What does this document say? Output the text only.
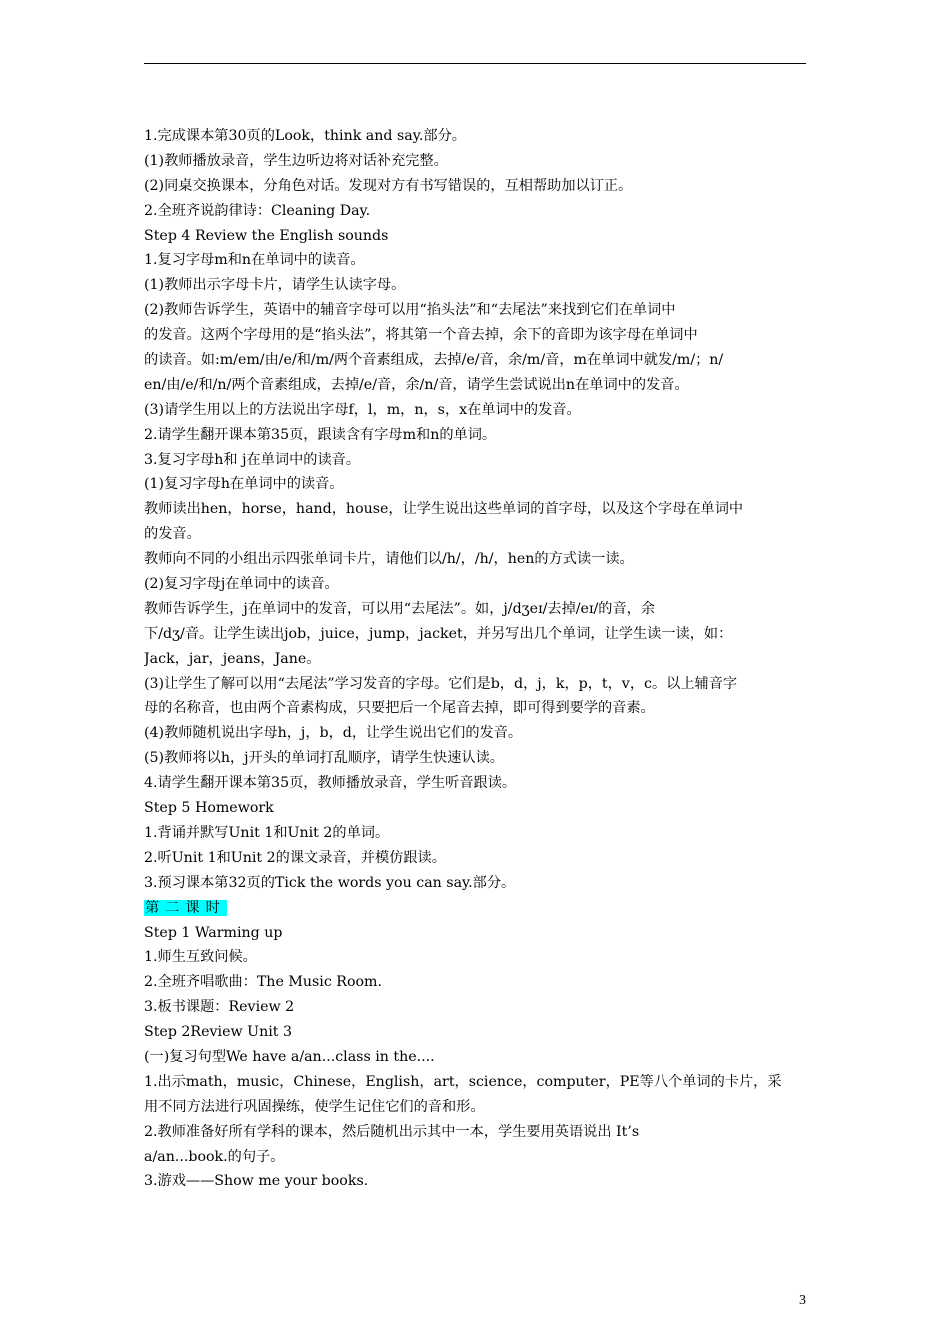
1.完成课本第30页的Look，think and say.部分。
(1)教师播放录音，学生边听边将对话补充完整。
(2)同桌交换课本，分角色对话。发现对方有书写错误的，互相帮助加以订正。
2.全班齐说韵律诗：Cleaning Day.
Step 4 Review the English sounds
1.复习字母m和n在单词中的读音。
(1)教师出示字母卡片，请学生认读字母。
(2)教师告诉学生，英语中的辅音字母可以用“掐头法”和“去尾法”来找到它们在单词中
的发音。这两个字母用的是“掐头法”，将其第一个音去掉，余下的音即为该字母在单词中
的读音。如:m/em/由/e/和/m/两个音素组成，去掉/e/音，余/m/音，m在单词中就发/m/；n/
en/由/e/和/n/两个音素组成，去掉/e/音，余/n/音，请学生尝试说出n在单词中的发音。
(3)请学生用以上的方法说出字母f，l，m，n，s，x在单词中的发音。
2.请学生翻开课本第35页，跟读含有字母m和n的单词。
3.复习字母h和 j在单词中的读音。
(1)复习字母h在单词中的读音。
教师读出hen，horse，hand，house，让学生说出这些单词的首字母，以及这个字母在单词中
的发音。
教师向不同的小组出示四张单词卡片，请他们以/h/，/h/，hen的方式读一读。
(2)复习字母j在单词中的读音。
教师告诉学生，j在单词中的发音，可以用“去尾法”。如，j/dʒeɪ/去掉/eɪ/的音，余
下/dʒ/音。让学生读出job，juice，jump，jacket，并另写出几个单词，让学生读一读，如：
Jack，jar，jeans，Jane。
(3)让学生了解可以用“去尾法”学习发音的字母。它们是b，d，j，k，p，t，v，c。以上辅音字
母的名称音，也由两个音素构成，只要把后一个尾音去掉，即可得到要学的音素。
(4)教师随机说出字母h，j，b，d，让学生说出它们的发音。
(5)教师将以h，j开头的单词打乱顺序，请学生快速认读。
4.请学生翻开课本第35页，教师播放录音，学生听音跟读。
Step 5 Homework
1.背诵并默写Unit 1和Unit 2的单词。
2.听Unit 1和Unit 2的课文录音，并模仿跟读。
3.预习课本第32页的Tick the words you can say.部分。
第二课时
Step 1 Warming up
1.师生互致问候。
2.全班齐唱歌曲：The Music Room.
3.板书课题：Review 2
Step 2Review Unit 3
(一)复习句型We have a/an...class in the....
1.出示math，music，Chinese，English，art，science，computer，PE等八个单词的卡片，采
用不同方法进行巩固操练，使学生记住它们的音和形。
2.教师准备好所有学科的课本，然后随机出示其中一本，学生要用英语说出 It’s
a/an...book.的句子。
3.游戏——Show me your books.
3
